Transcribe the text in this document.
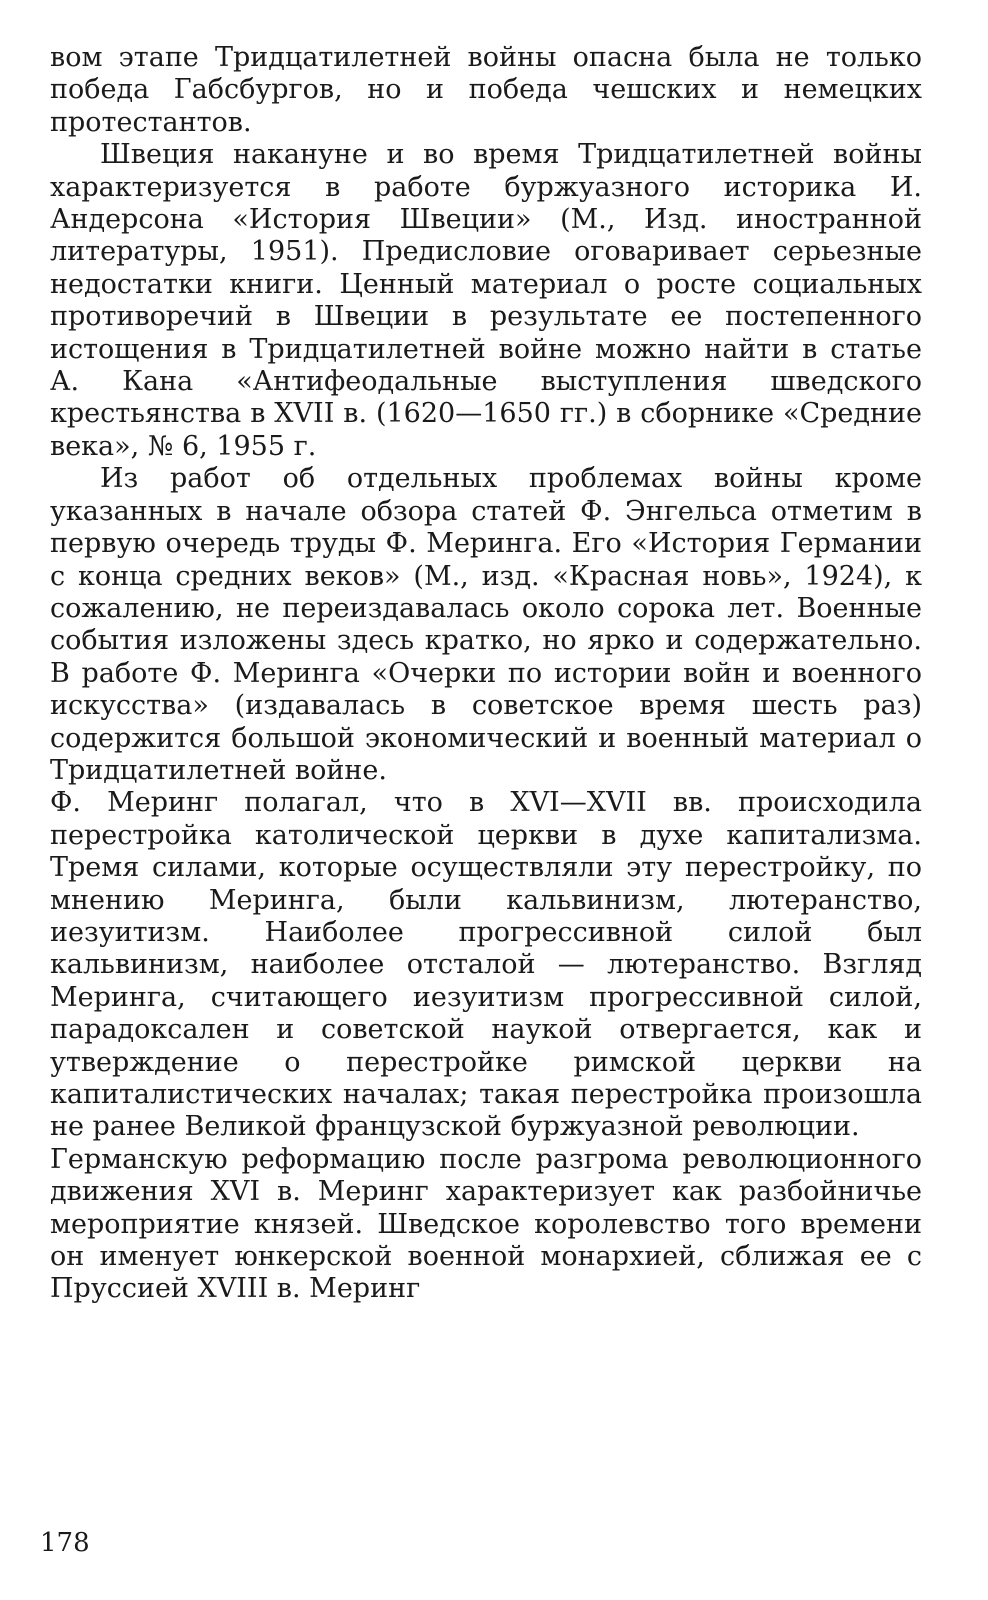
вом этапе Тридцатилетней войны опасна была не только победа Габсбургов, но и победа чешских и немецких протестантов.

Швеция накануне и во время Тридцатилетней войны характеризуется в работе буржуазного историка И. Андерсона «История Швеции» (М., Изд. иностранной литературы, 1951). Предисловие оговаривает серьезные недостатки книги. Ценный материал о росте социальных противоречий в Швеции в результате ее постепенного истощения в Тридцатилетней войне можно найти в статье А. Кана «Антифеодальные выступления шведского крестьянства в XVII в. (1620—1650 гг.) в сборнике «Средние века», № 6, 1955 г.

Из работ об отдельных проблемах войны кроме указанных в начале обзора статей Ф. Энгельса отметим в первую очередь труды Ф. Меринга. Его «История Германии с конца средних веков» (М., изд. «Красная новь», 1924), к сожалению, не переиздавалась около сорока лет. Военные события изложены здесь кратко, но ярко и содержательно. В работе Ф. Меринга «Очерки по истории войн и военного искусства» (издавалась в советское время шесть раз) содержится большой экономический и военный материал о Тридцатилетней войне.

Ф. Меринг полагал, что в XVI—XVII вв. происходила перестройка католической церкви в духе капитализма. Тремя силами, которые осуществляли эту перестройку, по мнению Меринга, были кальвинизм, лютеранство, иезуитизм. Наиболее прогрессивной силой был кальвинизм, наиболее отсталой — лютеранство. Взгляд Меринга, считающего иезуитизм прогрессивной силой, парадоксален и советской наукой отвергается, как и утверждение о перестройке римской церкви на капиталистических началах; такая перестройка произошла не ранее Великой французской буржуазной революции.

Германскую реформацию после разгрома революционного движения XVI в. Меринг характеризует как разбойничье мероприятие князей. Шведское королевство того времени он именует юнкерской военной монархией, сближая ее с Пруссией XVIII в. Меринг

178
